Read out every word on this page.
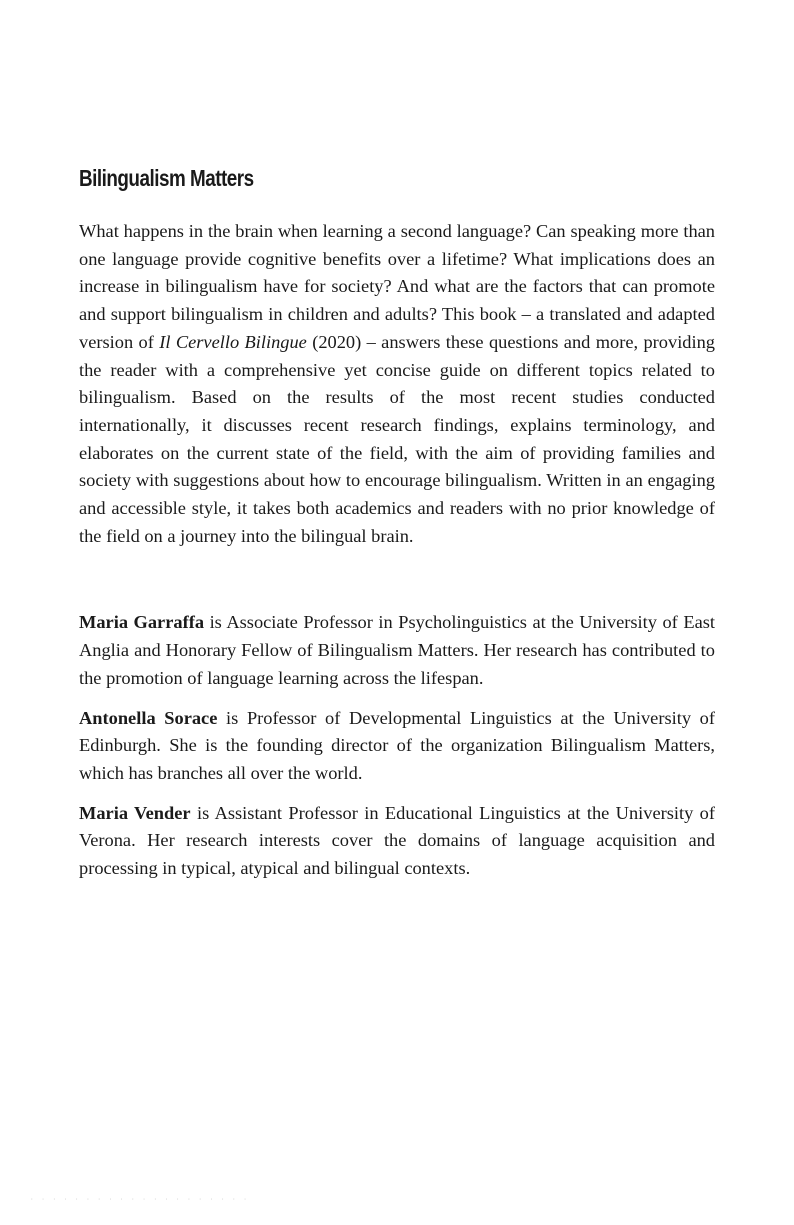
Bilingualism Matters

What happens in the brain when learning a second language? Can speaking more than one language provide cognitive benefits over a lifetime? What implications does an increase in bilingualism have for society? And what are the factors that can promote and support bilingualism in children and adults? This book – a translated and adapted version of Il Cervello Bilingue (2020) – answers these questions and more, providing the reader with a comprehensive yet concise guide on different topics related to bilingualism. Based on the results of the most recent studies conducted internationally, it discusses recent research findings, explains terminology, and elaborates on the current state of the field, with the aim of providing families and society with suggestions about how to encourage bilingualism. Written in an engaging and accessible style, it takes both academics and readers with no prior knowledge of the field on a journey into the bilingual brain.

Maria Garraffa is Associate Professor in Psycholinguistics at the University of East Anglia and Honorary Fellow of Bilingualism Matters. Her research has contributed to the promotion of language learning across the lifespan.

Antonella Sorace is Professor of Developmental Linguistics at the University of Edinburgh. She is the founding director of the organization Bilingualism Matters, which has branches all over the world.

Maria Vender is Assistant Professor in Educational Linguistics at the University of Verona. Her research interests cover the domains of language acquisition and processing in typical, atypical and bilingual contexts.

· · · · · · · · · · · · · · · · · · · ·
